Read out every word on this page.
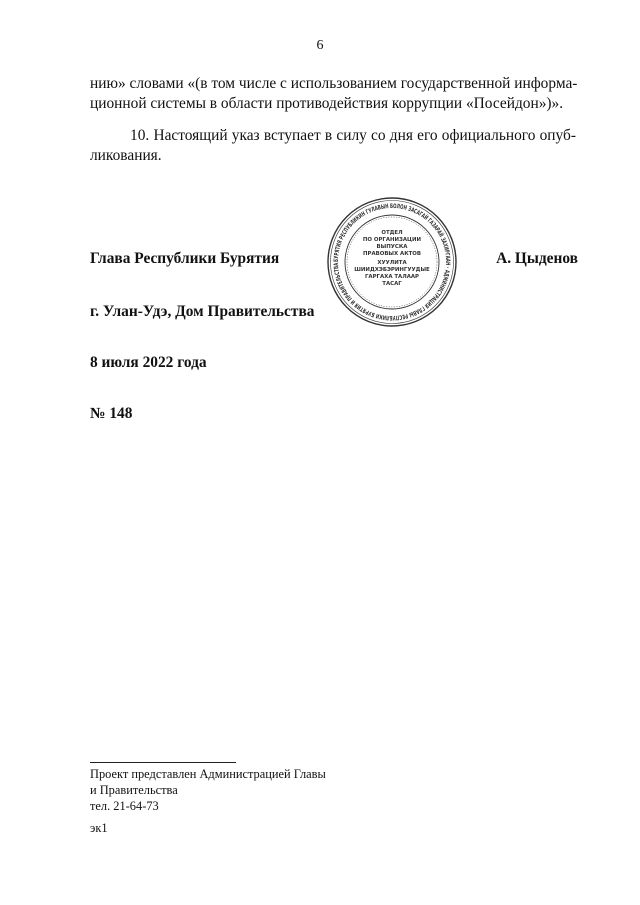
6
нию» словами «(в том числе с использованием государственной информа-
ционной системы в области противодействия коррупции «Посейдон»)».
10. Настоящий указ вступает в силу со дня его официального опуб-
ликования.
Глава Республики Бурятия	БУРЯТИЯ РЕСПУБЛИКИН ГУЛАВЫН БОЛОН ЗАСАГАЙ ГАЗАРАЙ ЗАХИРГААН · АДМИНИСТРАЦИЯ ГЛАВЫ РЕСПУБЛИКИ БУРЯТИЯ И ПРАВИТЕЛЬСТВА
ОТДЕЛ
ПО ОРГАНИЗАЦИИ
ВЫПУСКА
ПРАВОВЫХ АКТОВ
ХУУЛИТА
ШИИДХЭБЭРИНГУУДЫЕ
ГАРГАХА ТАЛААР
ТАСАГ
А. Цыденов
г. Улан-Удэ, Дом Правительства
8 июля 2022 года
№ 148
Проект представлен Администрацией Главы
и Правительства
тел. 21-64-73
эк1
